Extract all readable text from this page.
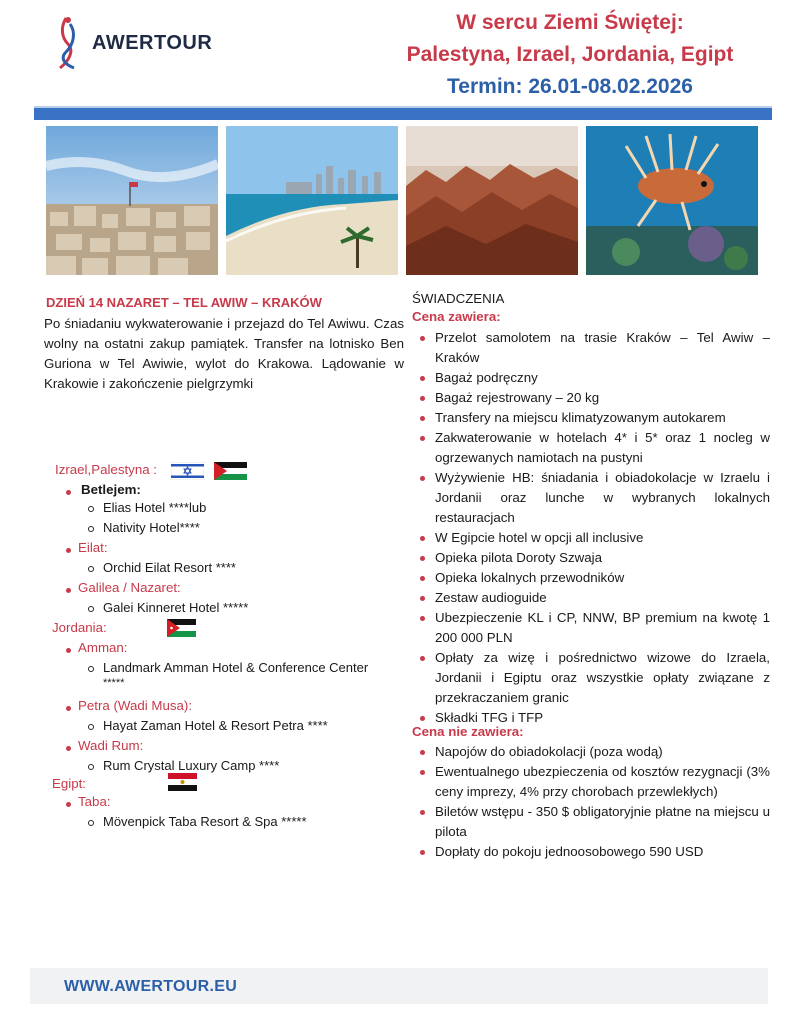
AWERTOUR
W sercu Ziemi Świętej:
Palestyna, Izrael, Jordania, Egipt
Termin: 26.01-08.02.2026
DZIEŃ 14 NAZARET – TEL AWIW – KRAKÓW
Po śniadaniu wykwaterowanie i przejazd do Tel Awiwu. Czas wolny na ostatni zakup pamiątek. Transfer na lotnisko Ben Guriona w Tel Awiwie, wylot do Krakowa. Lądowanie w Krakowie i zakończenie pielgrzymki
Izrael,Palestyna :
Betlejem:
Elias Hotel ****lub
Nativity Hotel****
Eilat:
Orchid Eilat Resort ****
Galilea / Nazaret:
Galei Kinneret Hotel *****
Jordania:
Amman:
Landmark Amman Hotel & Conference Center
*****
Petra (Wadi Musa):
Hayat Zaman Hotel & Resort Petra ****
Wadi Rum:
Rum Crystal Luxury Camp ****
Egipt:
Taba:
Mövenpick Taba Resort & Spa *****
ŚWIADCZENIA
Cena zawiera:
Przelot samolotem na trasie Kraków – Tel Awiw – Kraków
Bagaż podręczny
Bagaż rejestrowany – 20 kg
Transfery na miejscu klimatyzowanym autokarem
Zakwaterowanie w hotelach 4* i 5* oraz 1 nocleg w ogrzewanych namiotach na pustyni
Wyżywienie HB: śniadania i obiadokolacje w Izraelu i Jordanii oraz lunche w wybranych lokalnych restauracjach
W Egipcie hotel w opcji all inclusive
Opieka pilota Doroty Szwaja
Opieka lokalnych przewodników
Zestaw audioguide
Ubezpieczenie KL i CP, NNW, BP premium na kwotę 1 200 000 PLN
Opłaty za wizę i pośrednictwo wizowe do Izraela, Jordanii i Egiptu oraz wszystkie opłaty związane z przekraczaniem granic
Składki TFG i TFP
Cena nie zawiera:
Napojów do obiadokolacji (poza wodą)
Ewentualnego ubezpieczenia od kosztów rezygnacji (3% ceny imprezy, 4% przy chorobach przewlekłych)
Biletów wstępu - 350 $ obligatoryjnie płatne na miejscu u pilota
Dopłaty do pokoju jednoosobowego 590 USD
WWW.AWERTOUR.EU
